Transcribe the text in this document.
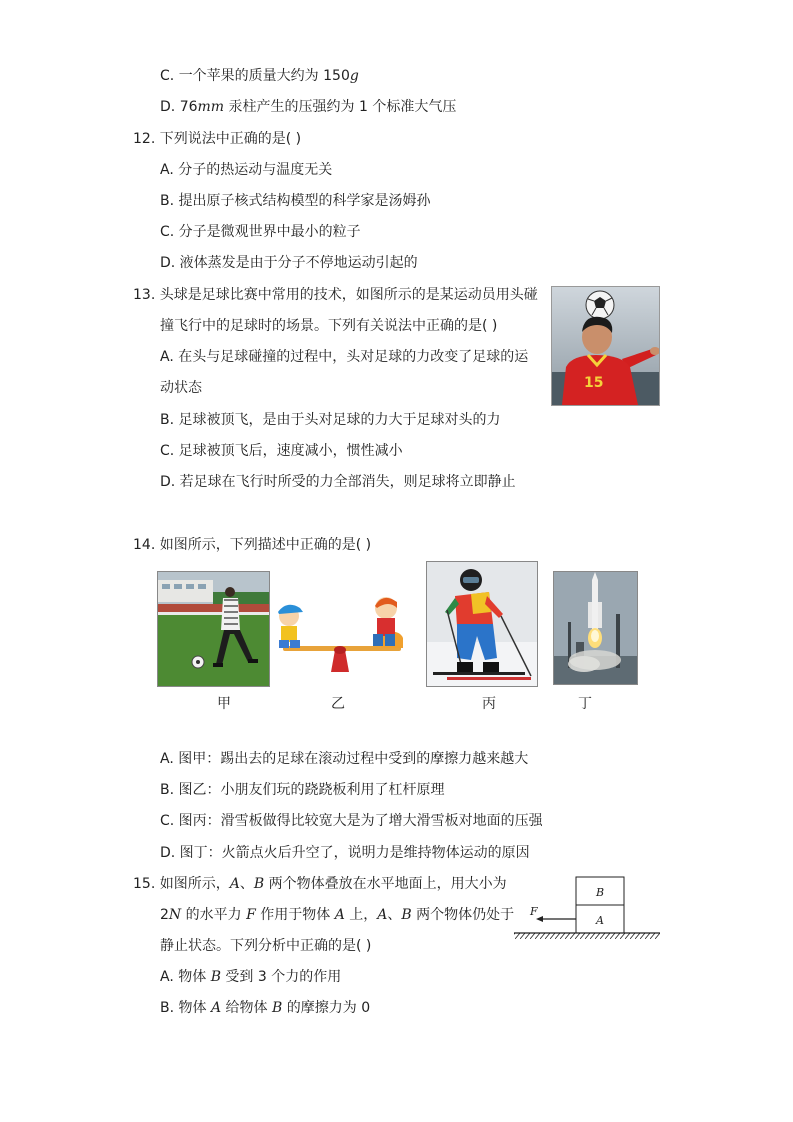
C. 一个苹果的质量大约为 150g
D. 76mm 汞柱产生的压强约为 1 个标准大气压
12. 下列说法中正确的是( )
A. 分子的热运动与温度无关
B. 提出原子核式结构模型的科学家是汤姆孙
C. 分子是微观世界中最小的粒子
D. 液体蒸发是由于分子不停地运动引起的
13. 头球是足球比赛中常用的技术，如图所示的是某运动员用头碰
撞飞行中的足球时的场景。下列有关说法中正确的是( )
A. 在头与足球碰撞的过程中，头对足球的力改变了足球的运
动状态
B. 足球被顶飞，是由于头对足球的力大于足球对头的力
C. 足球被顶飞后，速度减小，惯性减小
D. 若足球在飞行时所受的力全部消失，则足球将立即静止
15
14. 如图所示，下列描述中正确的是( )
甲	乙	丙	丁
A. 图甲：踢出去的足球在滚动过程中受到的摩擦力越来越大
B. 图乙：小朋友们玩的跷跷板利用了杠杆原理
C. 图丙：滑雪板做得比较宽大是为了增大滑雪板对地面的压强
D. 图丁：火箭点火后升空了，说明力是维持物体运动的原因
15. 如图所示，A、B 两个物体叠放在水平地面上，用大小为
2N 的水平力 F 作用于物体 A 上，A、B 两个物体仍处于
静止状态。下列分析中正确的是( )
A. 物体 B 受到 3 个力的作用
B. 物体 A 给物体 B 的摩擦力为 0
F
B
A
